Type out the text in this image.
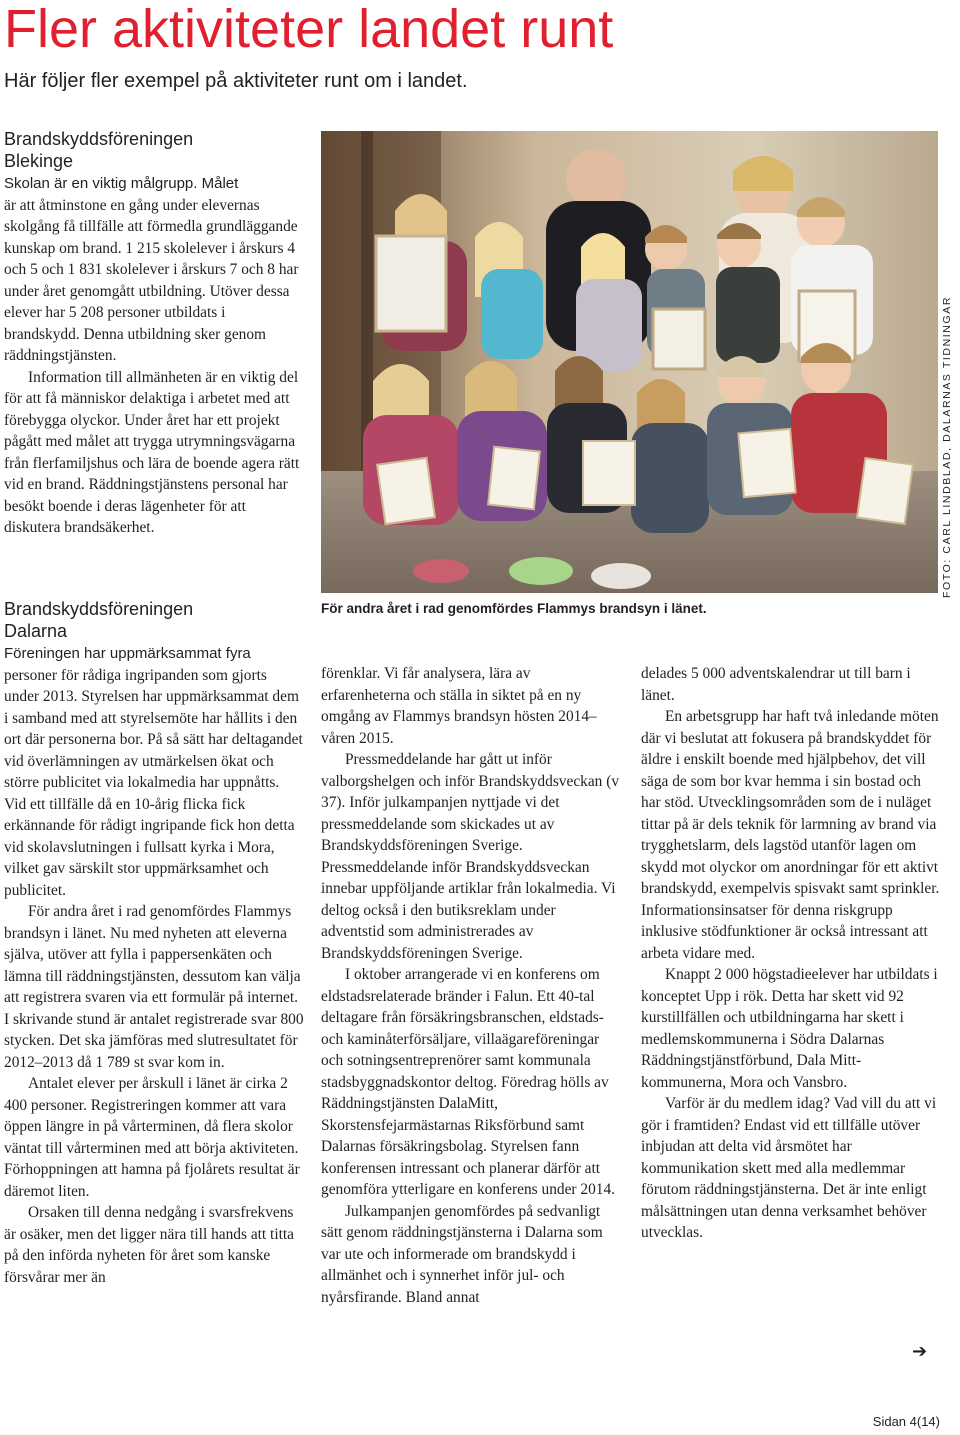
Fler aktiviteter landet runt

Här följer fler exempel på aktiviteter runt om i landet.

Brandskyddsföreningen
Blekinge

Skolan är en viktig målgrupp. Målet

är att åtminstone en gång under elevernas skolgång få tillfälle att förmedla grundläggande kunskap om brand. 1 215 skolelever i årskurs 4 och 5 och 1 831 skolelever i årskurs 7 och 8 har under året genomgått utbildning. Utöver dessa elever har 5 208 personer utbildats i brandskydd. Denna utbildning sker genom räddningstjänsten.

Information till allmänheten är en viktig del för att få människor delaktiga i arbetet med att förebygga olyckor. Under året har ett projekt pågått med målet att trygga utrymningsvägarna från flerfamiljshus och lära de boende agera rätt vid en brand. Räddningstjänstens personal har besökt boende i deras lägenheter för att diskutera brandsäkerhet.

Brandskyddsföreningen
Dalarna

Föreningen har uppmärksammat fyra

personer för rådiga ingripanden som gjorts under 2013. Styrelsen har uppmärksammat dem i samband med att styrelsemöte har hållits i den ort där personerna bor. På så sätt har deltagandet vid överlämningen av utmärkelsen ökat och större publicitet via lokalmedia har uppnåtts. Vid ett tillfälle då en 10-årig flicka fick erkännande för rådigt ingripande fick hon detta vid skolavslutningen i fullsatt kyrka i Mora, vilket gav särskilt stor uppmärksamhet och publicitet.

För andra året i rad genomfördes Flammys brandsyn i länet. Nu med nyheten att eleverna själva, utöver att fylla i pappersenkäten och lämna till räddningstjänsten, dessutom kan välja att registrera svaren via ett formulär på internet. I skrivande stund är antalet registrerade svar 800 stycken. Det ska jämföras med slutresultatet för 2012–2013 då 1 789 st svar kom in.

Antalet elever per årskull i länet är cirka 2 400 personer. Registreringen kommer att vara öppen längre in på vårterminen, då flera skolor väntat till vårterminen med att börja aktiviteten. Förhoppningen att hamna på fjolårets resultat är däremot liten.

Orsaken till denna nedgång i svarsfrekvens är osäker, men det ligger nära till hands att titta på den införda nyheten för året som kanske försvårar mer än

För andra året i rad genomfördes Flammys brandsyn i länet.

FOTO: CARL LINDBLAD, DALARNAS TIDNINGAR

förenklar. Vi får analysera, lära av erfarenheterna och ställa in siktet på en ny omgång av Flammys brandsyn hösten 2014–våren 2015.

Pressmeddelande har gått ut inför valborgshelgen och inför Brandskyddsveckan (v 37). Inför julkampanjen nyttjade vi det pressmeddelande som skickades ut av Brandskyddsföreningen Sverige. Pressmeddelande inför Brandskyddsveckan innebar uppföljande artiklar från lokalmedia. Vi deltog också i den butiksreklam under adventstid som administrerades av Brandskyddsföreningen Sverige.

I oktober arrangerade vi en konferens om eldstadsrelaterade bränder i Falun. Ett 40-tal deltagare från försäkringsbranschen, eldstads- och kaminåterförsäljare, villaägareföreningar och sotningsentreprenörer samt kommunala stadsbyggnadskontor deltog. Föredrag hölls av Räddningstjänsten DalaMitt, Skorstensfejarmästarnas Riksförbund samt Dalarnas försäkringsbolag. Styrelsen fann konferensen intressant och planerar därför att genomföra ytterligare en konferens under 2014.

Julkampanjen genomfördes på sedvanligt sätt genom räddningstjänsterna i Dalarna som var ute och informerade om brandskydd i allmänhet och i synnerhet inför jul- och nyårsfirande. Bland annat

delades 5 000 adventskalendrar ut till barn i länet.

En arbetsgrupp har haft två inledande möten där vi beslutat att fokusera på brandskyddet för äldre i enskilt boende med hjälpbehov, det vill säga de som bor kvar hemma i sin bostad och har stöd. Utvecklingsområden som de i nuläget tittar på är dels teknik för larmning av brand via trygghetslarm, dels lagstöd utanför lagen om skydd mot olyckor om anordningar för ett aktivt brandskydd, exempelvis spisvakt samt sprinkler. Informationsinsatser för denna riskgrupp inklusive stödfunktioner är också intressant att arbeta vidare med.

Knappt 2 000 högstadieelever har utbildats i konceptet Upp i rök. Detta har skett vid 92 kurstillfällen och utbildningarna har skett i medlemskommunerna i Södra Dalarnas Räddningstjänstförbund, Dala Mitt-kommunerna, Mora och Vansbro.

Varför är du medlem idag? Vad vill du att vi gör i framtiden? Endast vid ett tillfälle utöver inbjudan att delta vid årsmötet har kommunikation skett med alla medlemmar förutom räddningstjänsterna. Det är inte enligt målsättningen utan denna verksamhet behöver utvecklas.

➔
Sidan 4(14)
